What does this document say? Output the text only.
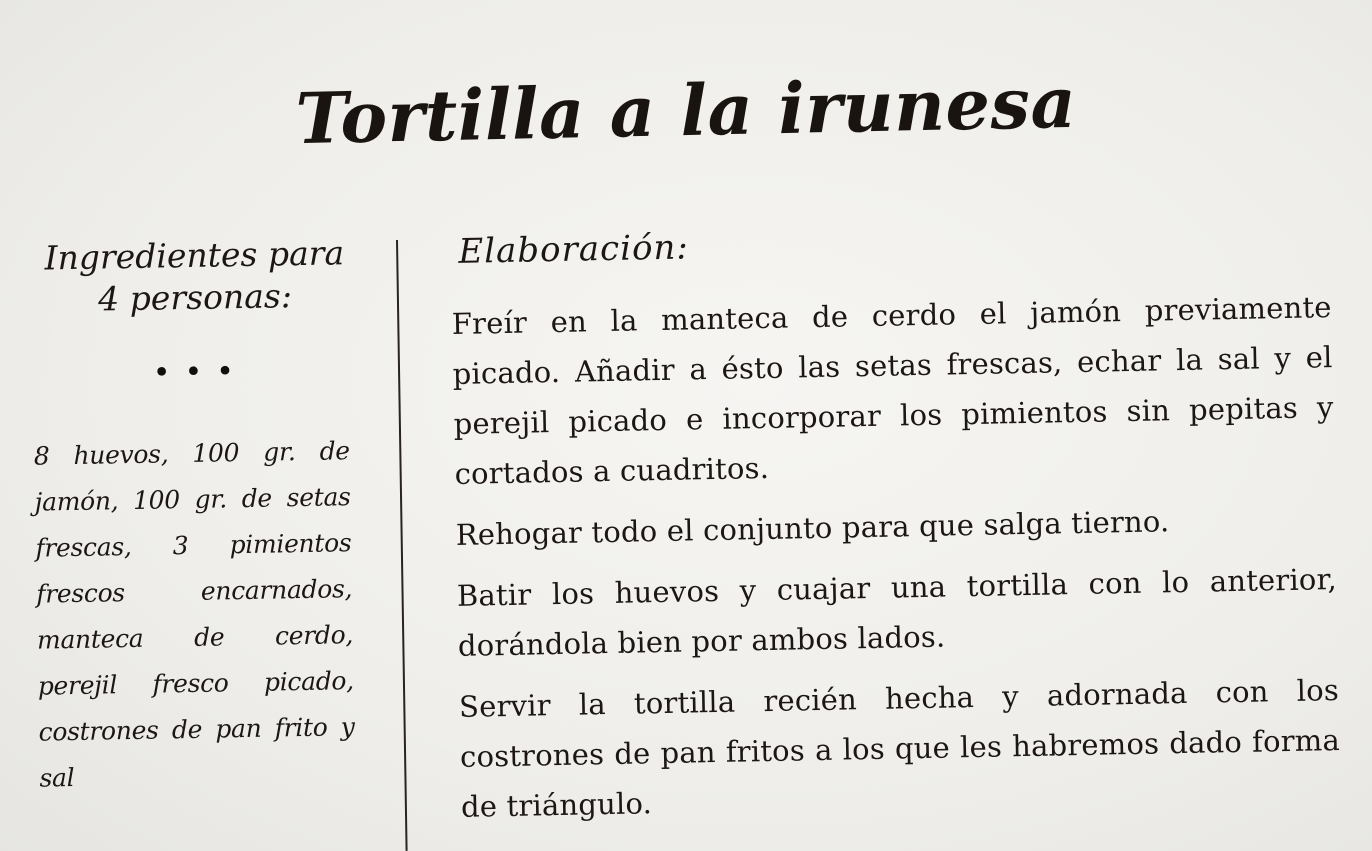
Tortilla a la irunesa

Ingredientes para 4 personas:

•••

8 huevos, 100 gr. de jamón, 100 gr. de setas frescas, 3 pimientos frescos encarnados, manteca de cerdo, perejil fresco picado, costrones de pan frito y sal

Elaboración:

Freír en la manteca de cerdo el jamón previamente picado. Añadir a ésto las setas frescas, echar la sal y el perejil picado e incorporar los pimientos sin pepitas y cortados a cuadritos.

Rehogar todo el conjunto para que salga tierno.

Batir los huevos y cuajar una tortilla con lo anterior, dorándola bien por ambos lados.

Servir la tortilla recién hecha y adornada con los costrones de pan fritos a los que les habremos dado forma de triángulo.
